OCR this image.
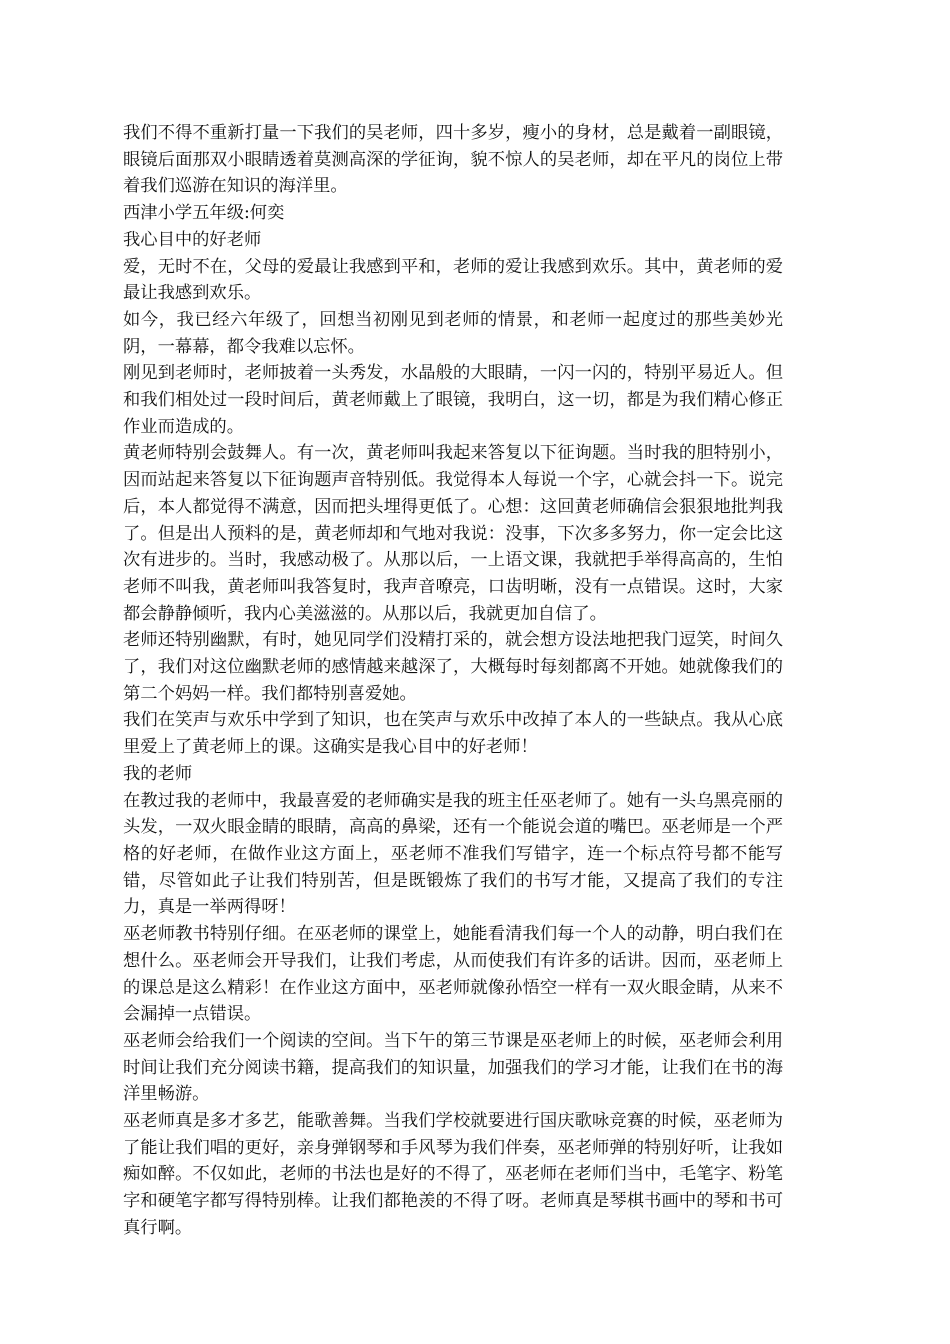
我们不得不重新打量一下我们的吴老师，四十多岁，瘦小的身材，总是戴着一副眼镜，眼镜后面那双小眼睛透着莫测高深的学征询，貌不惊人的吴老师，却在平凡的岗位上带着我们巡游在知识的海洋里。

西津小学五年级:何奕

我心目中的好老师

爱，无时不在，父母的爱最让我感到平和，老师的爱让我感到欢乐。其中，黄老师的爱最让我感到欢乐。

如今，我已经六年级了，回想当初刚见到老师的情景，和老师一起度过的那些美妙光阴，一幕幕，都令我难以忘怀。

刚见到老师时，老师披着一头秀发，水晶般的大眼睛，一闪一闪的，特别平易近人。但和我们相处过一段时间后，黄老师戴上了眼镜，我明白，这一切，都是为我们精心修正作业而造成的。

黄老师特别会鼓舞人。有一次，黄老师叫我起来答复以下征询题。当时我的胆特别小，因而站起来答复以下征询题声音特别低。我觉得本人每说一个字，心就会抖一下。说完后，本人都觉得不满意，因而把头埋得更低了。心想：这回黄老师确信会狠狠地批判我了。但是出人预料的是，黄老师却和气地对我说：没事，下次多多努力，你一定会比这次有进步的。当时，我感动极了。从那以后，一上语文课，我就把手举得高高的，生怕老师不叫我，黄老师叫我答复时，我声音嘹亮，口齿明晰，没有一点错误。这时，大家都会静静倾听，我内心美滋滋的。从那以后，我就更加自信了。

老师还特别幽默，有时，她见同学们没精打采的，就会想方设法地把我门逗笑，时间久了，我们对这位幽默老师的感情越来越深了，大概每时每刻都离不开她。她就像我们的第二个妈妈一样。我们都特别喜爱她。

我们在笑声与欢乐中学到了知识，也在笑声与欢乐中改掉了本人的一些缺点。我从心底里爱上了黄老师上的课。这确实是我心目中的好老师！

我的老师

在教过我的老师中，我最喜爱的老师确实是我的班主任巫老师了。她有一头乌黑亮丽的头发，一双火眼金睛的眼睛，高高的鼻梁，还有一个能说会道的嘴巴。巫老师是一个严格的好老师，在做作业这方面上，巫老师不准我们写错字，连一个标点符号都不能写错，尽管如此子让我们特别苦，但是既锻炼了我们的书写才能，又提高了我们的专注力，真是一举两得呀！

巫老师教书特别仔细。在巫老师的课堂上，她能看清我们每一个人的动静，明白我们在想什么。巫老师会开导我们，让我们考虑，从而使我们有许多的话讲。因而，巫老师上的课总是这么精彩！在作业这方面中，巫老师就像孙悟空一样有一双火眼金睛，从来不会漏掉一点错误。

巫老师会给我们一个阅读的空间。当下午的第三节课是巫老师上的时候，巫老师会利用时间让我们充分阅读书籍，提高我们的知识量，加强我们的学习才能，让我们在书的海洋里畅游。

巫老师真是多才多艺，能歌善舞。当我们学校就要进行国庆歌咏竞赛的时候，巫老师为了能让我们唱的更好，亲身弹钢琴和手风琴为我们伴奏，巫老师弹的特别好听，让我如痴如醉。不仅如此，老师的书法也是好的不得了，巫老师在老师们当中，毛笔字、粉笔字和硬笔字都写得特别棒。让我们都艳羡的不得了呀。老师真是琴棋书画中的琴和书可真行啊。
